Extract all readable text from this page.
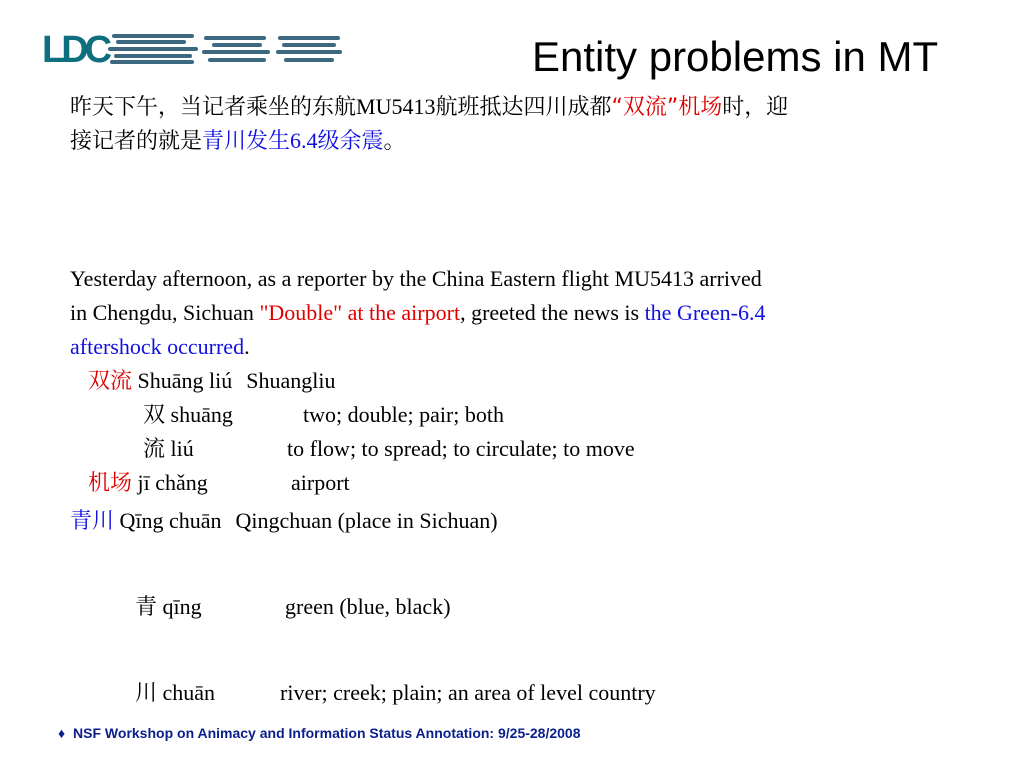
LDC	Entity problems in MT
昨天下午，当记者乘坐的东航MU5413航班抵达四川成都“双流”机场时，迎
接记者的就是青川发生6.4级余震。
Yesterday afternoon, as a reporter by the China Eastern flight MU5413 arrived
in Chengdu, Sichuan "Double" at the airport, greeted the news is the Green-6.4
aftershock occurred.
双流 Shuāng liú Shuangliu
双 shuāng	two; double; pair; both
流 liú	to flow; to spread; to circulate; to move
机场 jī chǎng	airport
青川 Qīng chuān Qingchuan (place in Sichuan)
青 qīng	green (blue, black)
川 chuān	river; creek; plain; an area of level country
♦ NSF Workshop on Animacy and Information Status Annotation: 9/25-28/2008
